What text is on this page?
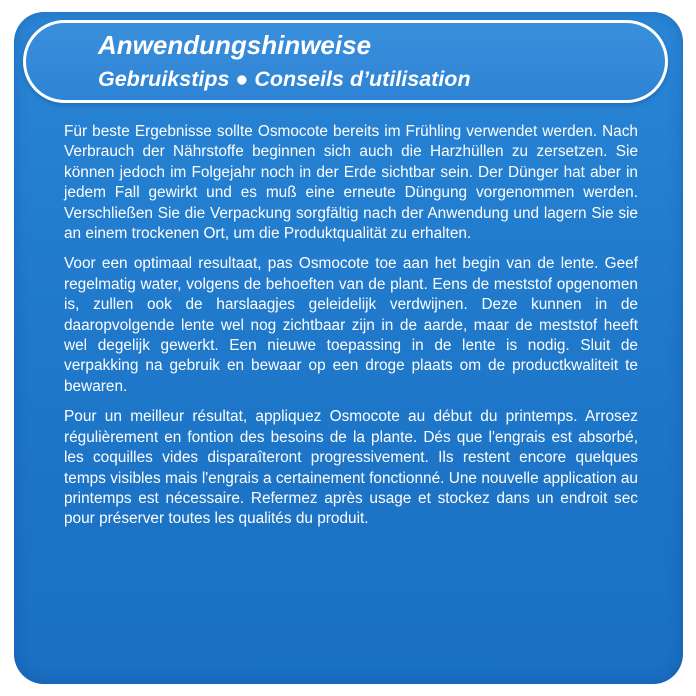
Anwendungshinweise
Gebruikstips ● Conseils d’utilisation

Für beste Ergebnisse sollte Osmocote bereits im Frühling verwendet werden. Nach Verbrauch der Nährstoffe beginnen sich auch die Harzhüllen zu zersetzen. Sie können jedoch im Folgejahr noch in der Erde sichtbar sein. Der Dünger hat aber in jedem Fall gewirkt und es muß eine erneute Düngung vorgenommen werden. Verschließen Sie die Verpackung sorgfältig nach der Anwendung und lagern Sie sie an einem trockenen Ort, um die Produktqualität zu erhalten.

Voor een optimaal resultaat, pas Osmocote toe aan het begin van de lente. Geef regelmatig water, volgens de behoeften van de plant. Eens de meststof opgenomen is, zullen ook de harslaagjes geleidelijk verdwijnen. Deze kunnen in de daaropvolgende lente wel nog zichtbaar zijn in de aarde, maar de meststof heeft wel degelijk gewerkt. Een nieuwe toepassing in de lente is nodig. Sluit de verpakking na gebruik en bewaar op een droge plaats om de productkwaliteit te bewaren.

Pour un meilleur résultat, appliquez Osmocote au début du printemps. Arrosez régulièrement en fontion des besoins de la plante. Dés que l'engrais est absorbé, les coquilles vides disparaîteront progressivement. Ils restent encore quelques temps visibles mais l'engrais a certainement fonctionné. Une nouvelle application au printemps est nécessaire. Refermez après usage et stockez dans un endroit sec pour préserver toutes les qualités du produit.
